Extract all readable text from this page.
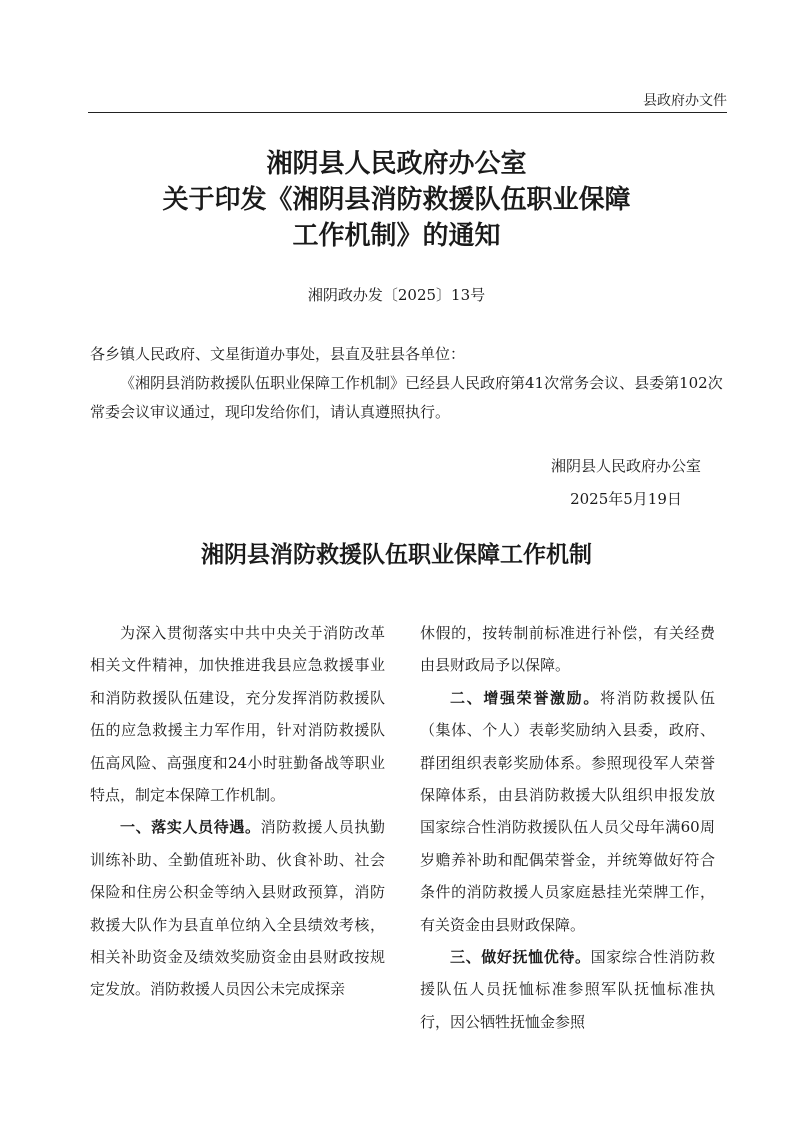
县政府办文件
湘阴县人民政府办公室
关于印发《湘阴县消防救援队伍职业保障
工作机制》的通知
湘阴政办发〔2025〕13号

各乡镇人民政府、文星街道办事处，县直及驻县各单位：

《湘阴县消防救援队伍职业保障工作机制》已经县人民政府第41次常务会议、县委第102次常委会议审议通过，现印发给你们，请认真遵照执行。

湘阴县人民政府办公室
2025年5月19日
湘阴县消防救援队伍职业保障工作机制

为深入贯彻落实中共中央关于消防改革相关文件精神，加快推进我县应急救援事业和消防救援队伍建设，充分发挥消防救援队伍的应急救援主力军作用，针对消防救援队伍高风险、高强度和24小时驻勤备战等职业特点，制定本保障工作机制。

一、落实人员待遇。消防救援人员执勤训练补助、全勤值班补助、伙食补助、社会保险和住房公积金等纳入县财政预算，消防救援大队作为县直单位纳入全县绩效考核，相关补助资金及绩效奖励资金由县财政按规定发放。消防救援人员因公未完成探亲

休假的，按转制前标准进行补偿，有关经费由县财政局予以保障。

二、增强荣誉激励。将消防救援队伍（集体、个人）表彰奖励纳入县委，政府、群团组织表彰奖励体系。参照现役军人荣誉保障体系，由县消防救援大队组织申报发放国家综合性消防救援队伍人员父母年满60周岁赡养补助和配偶荣誉金，并统筹做好符合条件的消防救援人员家庭悬挂光荣牌工作，有关资金由县财政保障。

三、做好抚恤优待。国家综合性消防救援队伍人员抚恤标准参照军队抚恤标准执行，因公牺牲抚恤金参照
